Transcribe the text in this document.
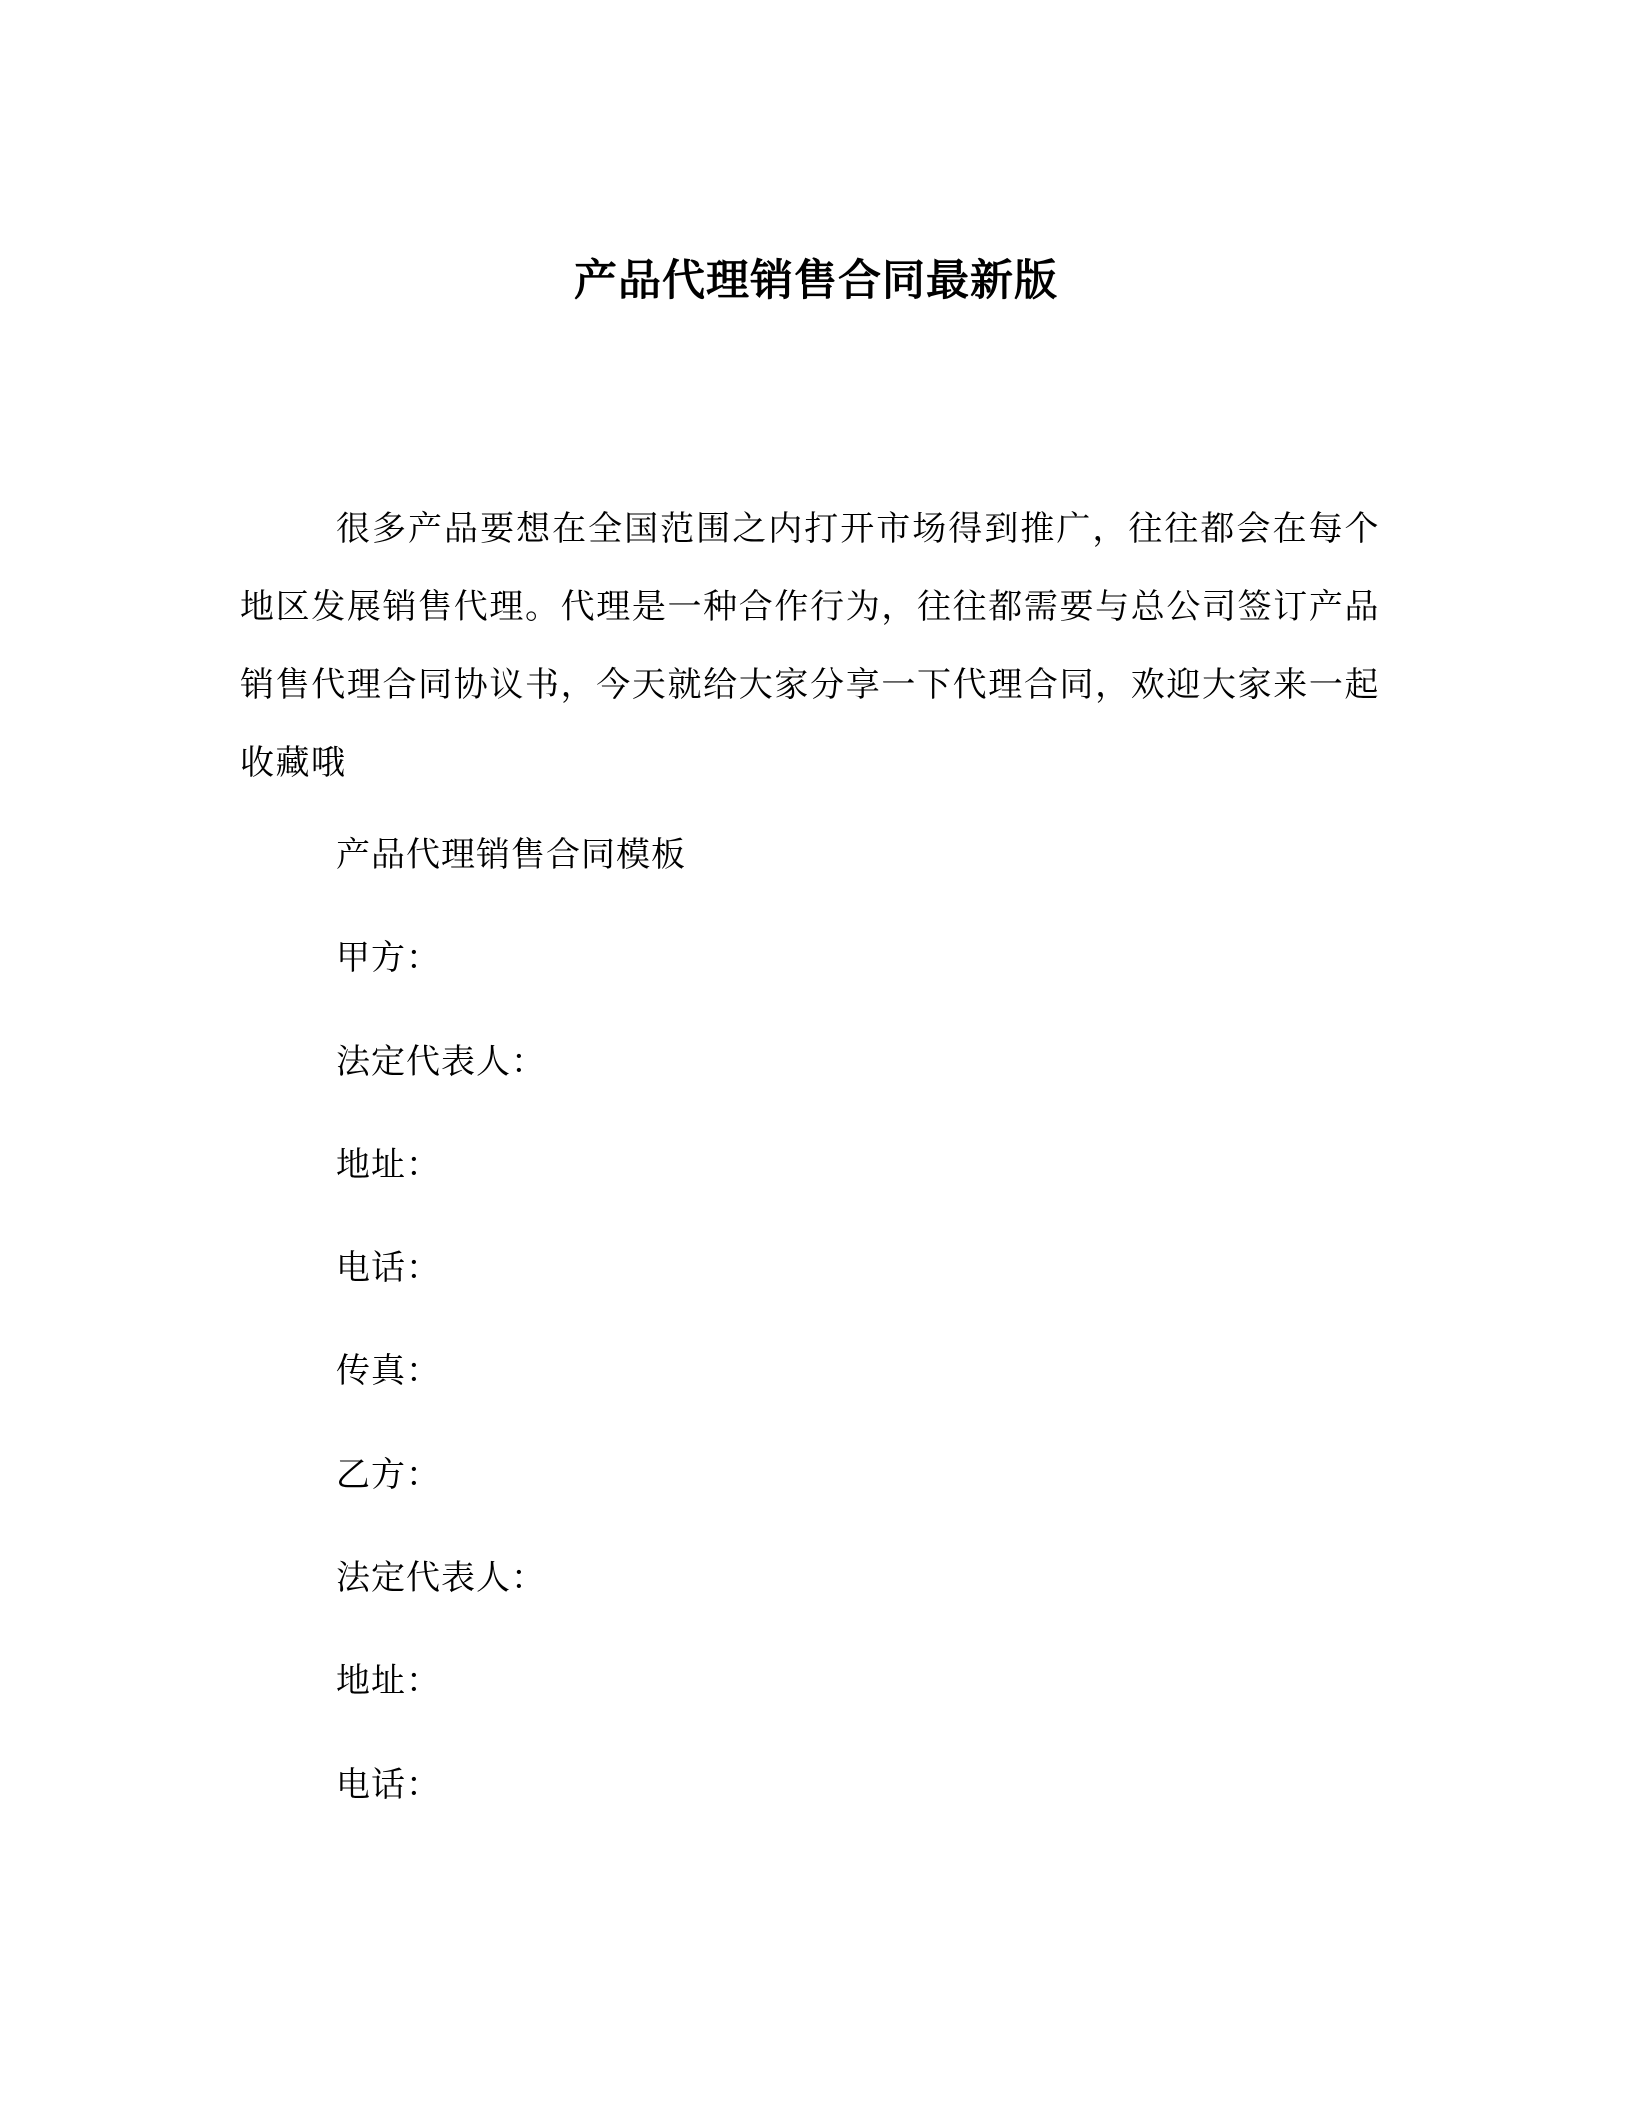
产品代理销售合同最新版

很多产品要想在全国范围之内打开市场得到推广，往往都会在每个地区发展销售代理。代理是一种合作行为，往往都需要与总公司签订产品销售代理合同协议书，今天就给大家分享一下代理合同，欢迎大家来一起收藏哦

产品代理销售合同模板

甲方：

法定代表人：

地址：

电话：

传真：

乙方：

法定代表人：

地址：

电话：
